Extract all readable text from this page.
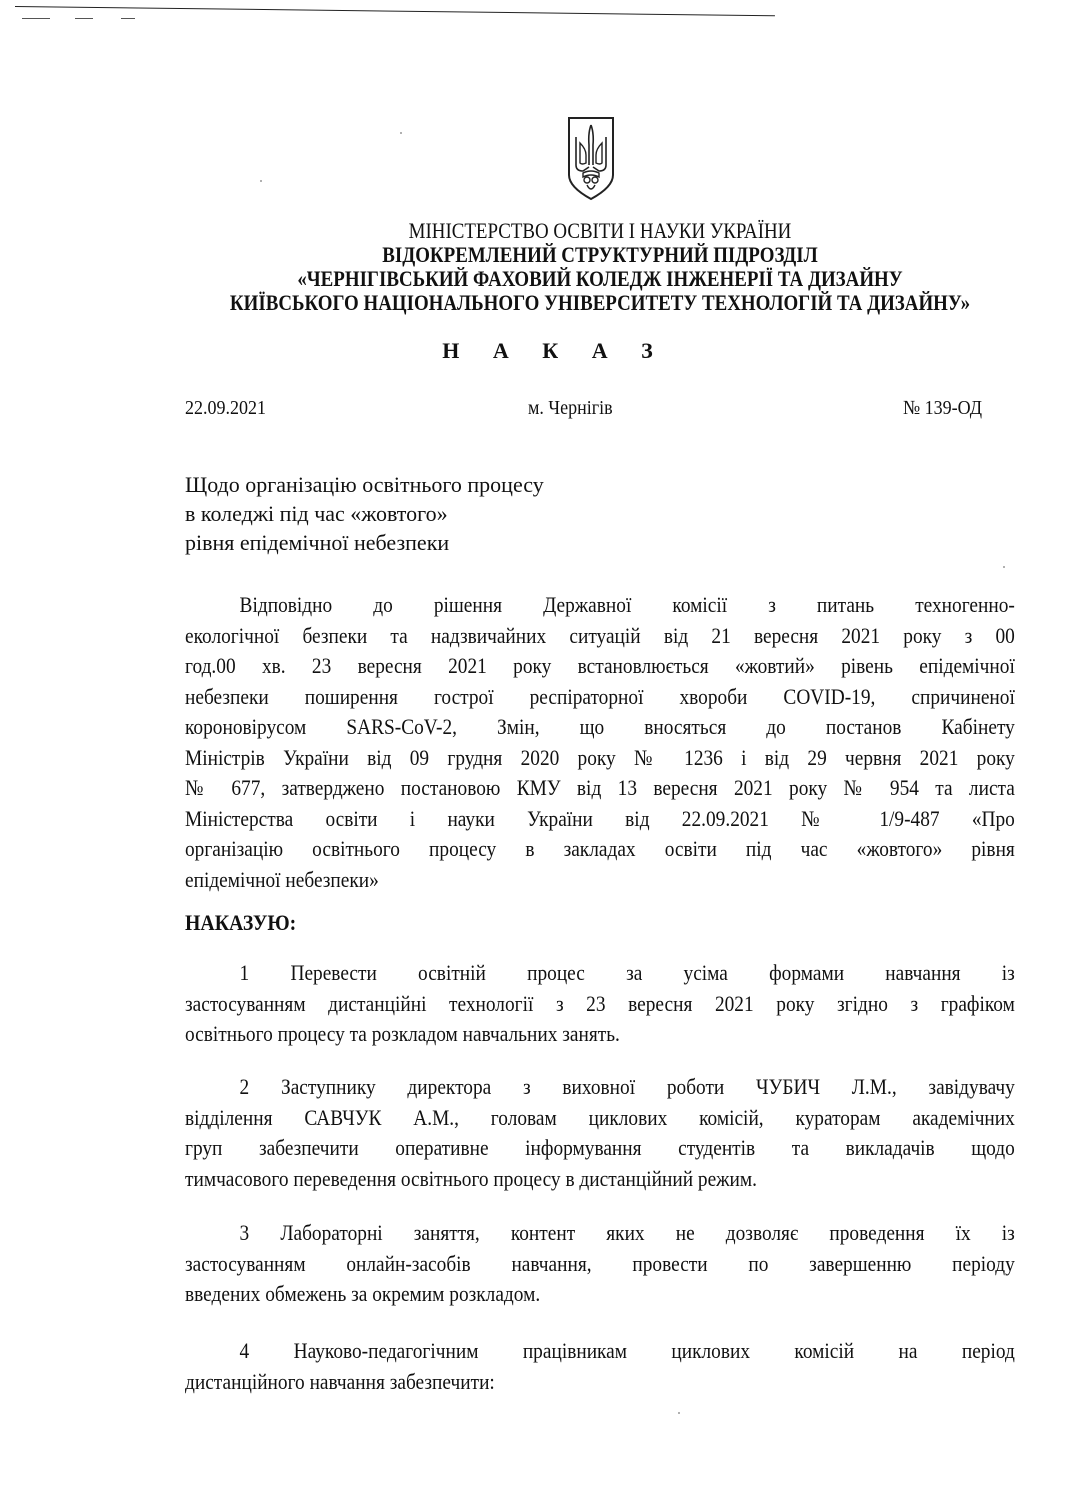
МІНІСТЕРСТВО ОСВІТИ І НАУКИ УКРАЇНИ
ВІДОКРЕМЛЕНИЙ СТРУКТУРНИЙ ПІДРОЗДІЛ
«ЧЕРНІГІВСЬКИЙ ФАХОВИЙ КОЛЕДЖ ІНЖЕНЕРІЇ ТА ДИЗАЙНУ
КИЇВСЬКОГО НАЦІОНАЛЬНОГО УНІВЕРСИТЕТУ ТЕХНОЛОГІЙ ТА ДИЗАЙНУ»
Н А К А З
22.09.2021	м. Чернігів	№ 139-ОД
Щодо організацію освітнього процесу
в коледжі під час «жовтого»
рівня епідемічної небезпеки
Відповідно до рішення Державної комісії з питань техногенно-
екологічної безпеки та надзвичайних ситуацій від 21 вересня 2021 року з 00
год.00 хв. 23 вересня 2021 року встановлюється «жовтий» рівень епідемічної
небезпеки поширення гострої респіраторної хвороби COVID-19, спричиненої
короновірусом SARS-CoV-2, Змін, що вносяться до постанов Кабінету
Міністрів України від 09 грудня 2020 року № 1236 і від 29 червня 2021 року
№ 677, затверджено постановою КМУ від 13 вересня 2021 року № 954 та листа
Міністерства освіти і науки України від 22.09.2021 № 1/9-487 «Про
організацію освітнього процесу в закладах освіти під час «жовтого» рівня
епідемічної небезпеки»
НАКАЗУЮ:
1 Перевести освітній процес за усіма формами навчання із
застосуванням дистанційні технології з 23 вересня 2021 року згідно з графіком
освітнього процесу та розкладом навчальних занять.
2 Заступнику директора з виховної роботи ЧУБИЧ Л.М., завідувачу
відділення САВЧУК А.М., головам циклових комісій, кураторам академічних
груп забезпечити оперативне інформування студентів та викладачів щодо
тимчасового переведення освітнього процесу в дистанційний режим.
3 Лабораторні заняття, контент яких не дозволяє проведення їх із
застосуванням онлайн-засобів навчання, провести по завершенню періоду
введених обмежень за окремим розкладом.
4 Науково-педагогічним працівникам циклових комісій на період
дистанційного навчання забезпечити:
